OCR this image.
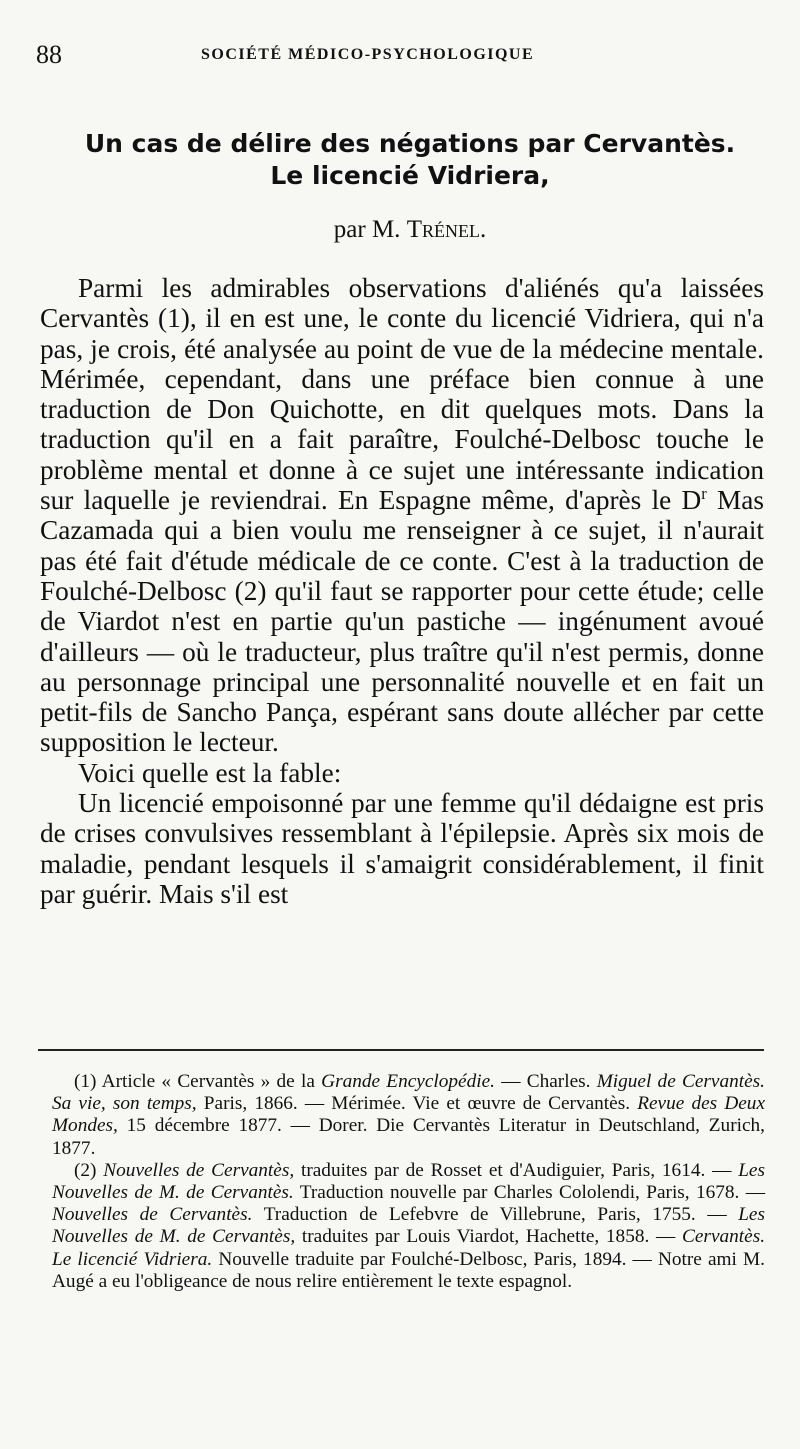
88	SOCIÉTÉ MÉDICO-PSYCHOLOGIQUE
Un cas de délire des négations par Cervantès.
Le licencié Vidriera,
par M. Trénel.

Parmi les admirables observations d'aliénés qu'a laissées Cervantès (1), il en est une, le conte du licencié Vidriera, qui n'a pas, je crois, été analysée au point de vue de la médecine mentale. Mérimée, cependant, dans une préface bien connue à une traduction de Don Quichotte, en dit quelques mots. Dans la traduction qu'il en a fait paraître, Foulché-Delbosc touche le problème mental et donne à ce sujet une intéressante indication sur laquelle je reviendrai. En Espagne même, d'après le $D^r$ Mas Cazamada qui a bien voulu me renseigner à ce sujet, il n'aurait pas été fait d'étude médicale de ce conte. C'est à la traduction de Foulché-Delbosc (2) qu'il faut se rapporter pour cette étude; celle de Viardot n'est en partie qu'un pastiche — ingénument avoué d'ailleurs — où le traducteur, plus traître qu'il n'est permis, donne au personnage principal une personnalité nouvelle et en fait un petit-fils de Sancho Pança, espérant sans doute allécher par cette supposition le lecteur.

Voici quelle est la fable:

Un licencié empoisonné par une femme qu'il dédaigne est pris de crises convulsives ressemblant à l'épilepsie. Après six mois de maladie, pendant lesquels il s'amaigrit considérablement, il finit par guérir. Mais s'il est

(1) Article « Cervantès » de la Grande Encyclopédie. — Charles. Miguel de Cervantès. Sa vie, son temps, Paris, 1866. — Mérimée. Vie et œuvre de Cervantès. Revue des Deux Mondes, 15 décembre 1877. — Dorer. Die Cervantès Literatur in Deutschland, Zurich, 1877.

(2) Nouvelles de Cervantès, traduites par de Rosset et d'Audiguier, Paris, 1614. — Les Nouvelles de M. de Cervantès. Traduction nouvelle par Charles Cololendi, Paris, 1678. — Nouvelles de Cervantès. Traduction de Lefebvre de Villebrune, Paris, 1755. — Les Nouvelles de M. de Cervantès, traduites par Louis Viardot, Hachette, 1858. — Cervantès. Le licencié Vidriera. Nouvelle traduite par Foulché-Delbosc, Paris, 1894. — Notre ami M. Augé a eu l'obligeance de nous relire entièrement le texte espagnol.
